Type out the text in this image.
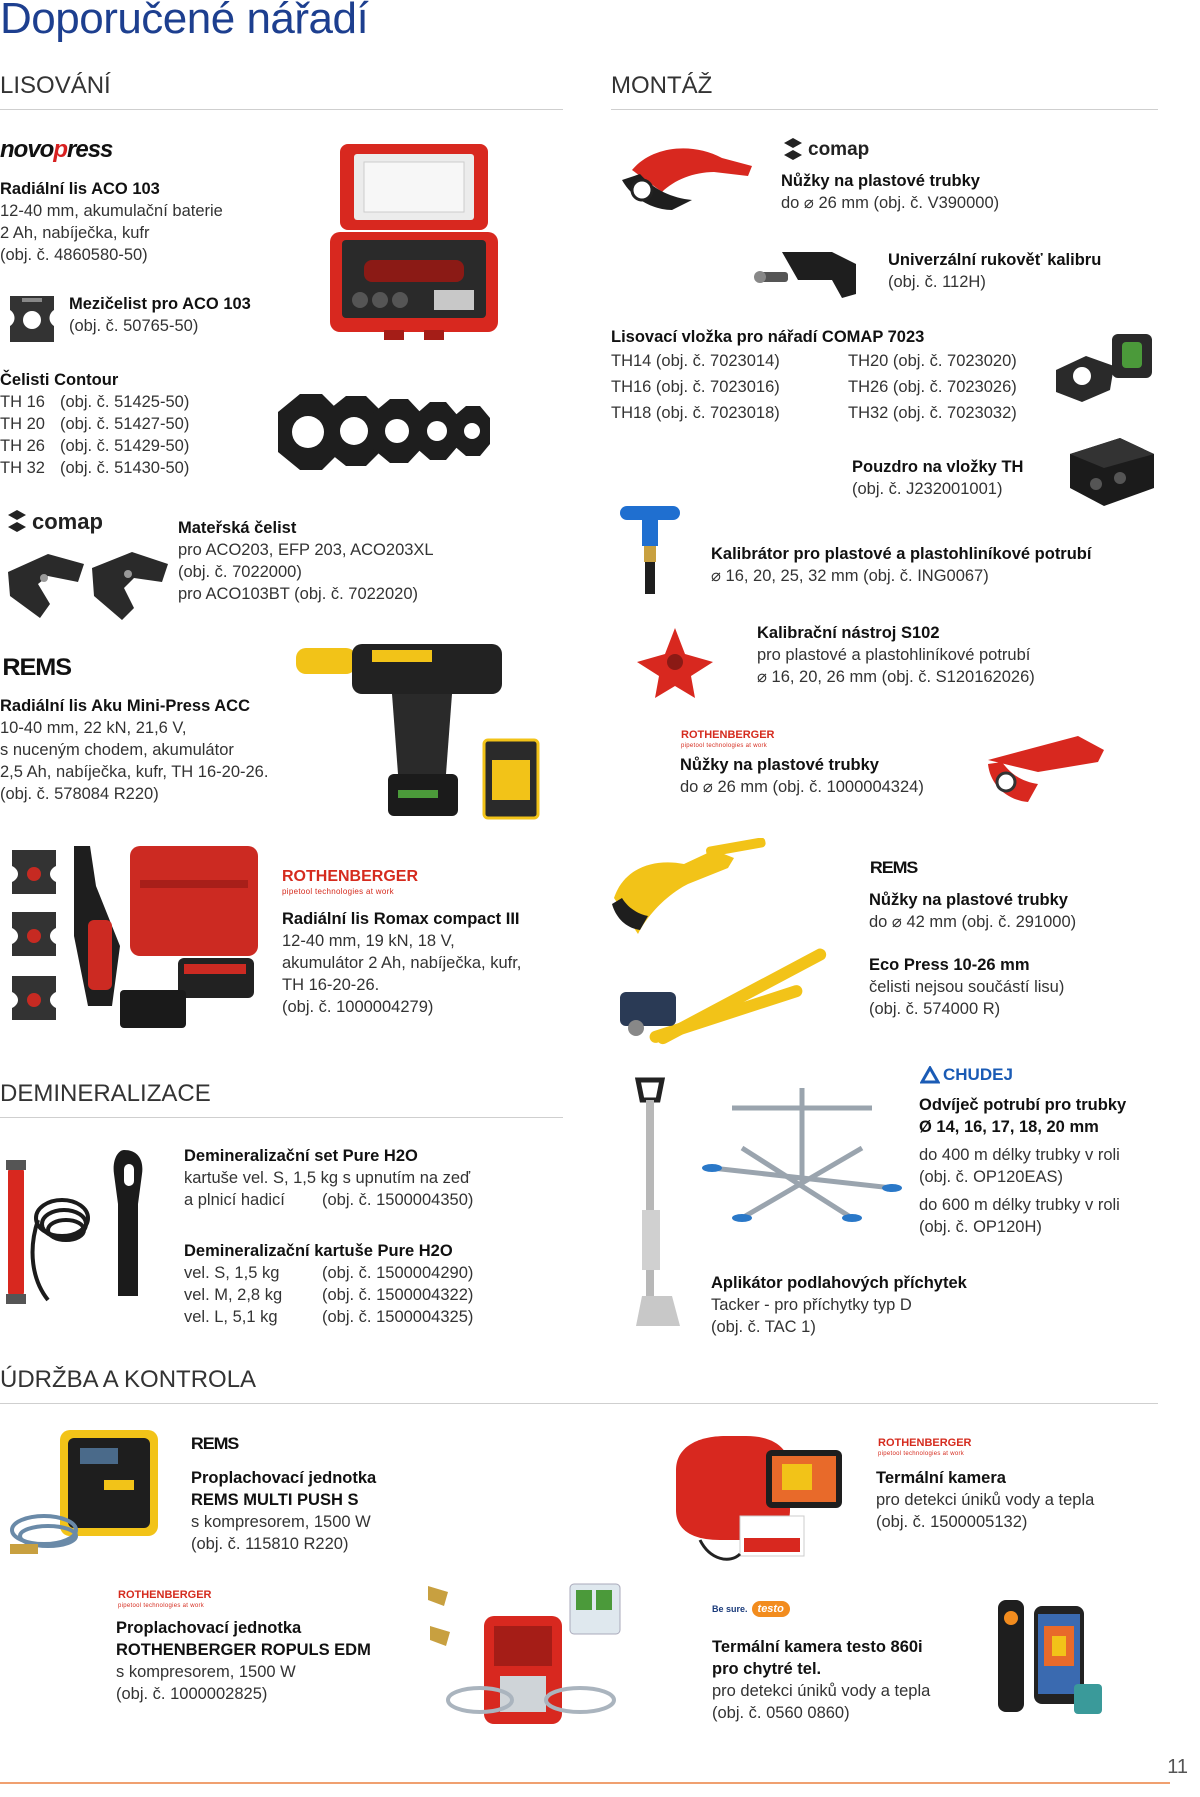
Doporučené nářadí
LISOVÁNÍ	MONTÁŽ
novopress
Radiální lis ACO 103
12-40 mm, akumulační baterie
2 Ah, nabíječka, kufr
(obj. č. 4860580-50)
Mezičelist pro ACO 103
(obj. č. 50765-50)
Čelisti Contour
TH 16 (obj. č. 51425-50)
TH 20 (obj. č. 51427-50)
TH 26 (obj. č. 51429-50)
TH 32 (obj. č. 51430-50)
comap	Mateřská čelist
pro ACO203, EFP 203, ACO203XL
(obj. č. 7022000)
pro ACO103BT (obj. č. 7022020)
REMS
Radiální lis Aku Mini-Press ACC
10-40 mm, 22 kN, 21,6 V,
s nuceným chodem, akumulátor
2,5 Ah, nabíječka, kufr, TH 16-20-26.
(obj. č. 578084 R220)
ROTHENBERGER
pipetool technologies at work
Radiální lis Romax compact III
12-40 mm, 19 kN, 18 V,
akumulátor 2 Ah, nabíječka, kufr,
TH 16-20-26.
(obj. č. 1000004279)
comap
Nůžky na plastové trubky
do ⌀ 26 mm (obj. č. V390000)
Univerzální rukověť kalibru
(obj. č. 112H)
Lisovací vložka pro nářadí COMAP 7023
TH14 (obj. č. 7023014)	TH20 (obj. č. 7023020)
TH16 (obj. č. 7023016)	TH26 (obj. č. 7023026)
TH18 (obj. č. 7023018)	TH32 (obj. č. 7023032)
Pouzdro na vložky TH
(obj. č. J232001001)
Kalibrátor pro plastové a plastohliníkové potrubí
⌀ 16, 20, 25, 32 mm (obj. č. ING0067)
Kalibrační nástroj S102
pro plastové a plastohliníkové potrubí
⌀ 16, 20, 26 mm (obj. č. S120162026)
ROTHENBERGER
pipetool technologies at work
Nůžky na plastové trubky
do ⌀ 26 mm (obj. č. 1000004324)
REMS
Nůžky na plastové trubky
do ⌀ 42 mm (obj. č. 291000)
Eco Press 10-26 mm
čelisti nejsou součástí lisu)
(obj. č. 574000 R)
DEMINERALIZACE
Demineralizační set Pure H2O
kartuše vel. S, 1,5 kg s upnutím na zeď
a plnicí hadicí	(obj. č. 1500004350)
Demineralizační kartuše Pure H2O
vel. S, 1,5 kg	(obj. č. 1500004290)
vel. M, 2,8 kg	(obj. č. 1500004322)
vel. L, 5,1 kg	(obj. č. 1500004325)
CHUDEJ
Odvíječ potrubí pro trubky
Ø 14, 16, 17, 18, 20 mm
do 400 m délky trubky v roli
(obj. č. OP120EAS)
do 600 m délky trubky v roli
(obj. č. OP120H)
Aplikátor podlahových příchytek
Tacker - pro příchytky typ D
(obj. č. TAC 1)
ÚDRŽBA A KONTROLA
REMS
Proplachovací jednotka
REMS MULTI PUSH S
s kompresorem, 1500 W
(obj. č. 115810 R220)
ROTHENBERGER
pipetool technologies at work
Termální kamera
pro detekci úniků vody a tepla
(obj. č. 1500005132)
ROTHENBERGER
pipetool technologies at work
Proplachovací jednotka
ROTHENBERGER ROPULS EDM
s kompresorem, 1500 W
(obj. č. 1000002825)
Be sure. testo
Termální kamera testo 860i
pro chytré tel.
pro detekci úniků vody a tepla
(obj. č. 0560 0860)
11
